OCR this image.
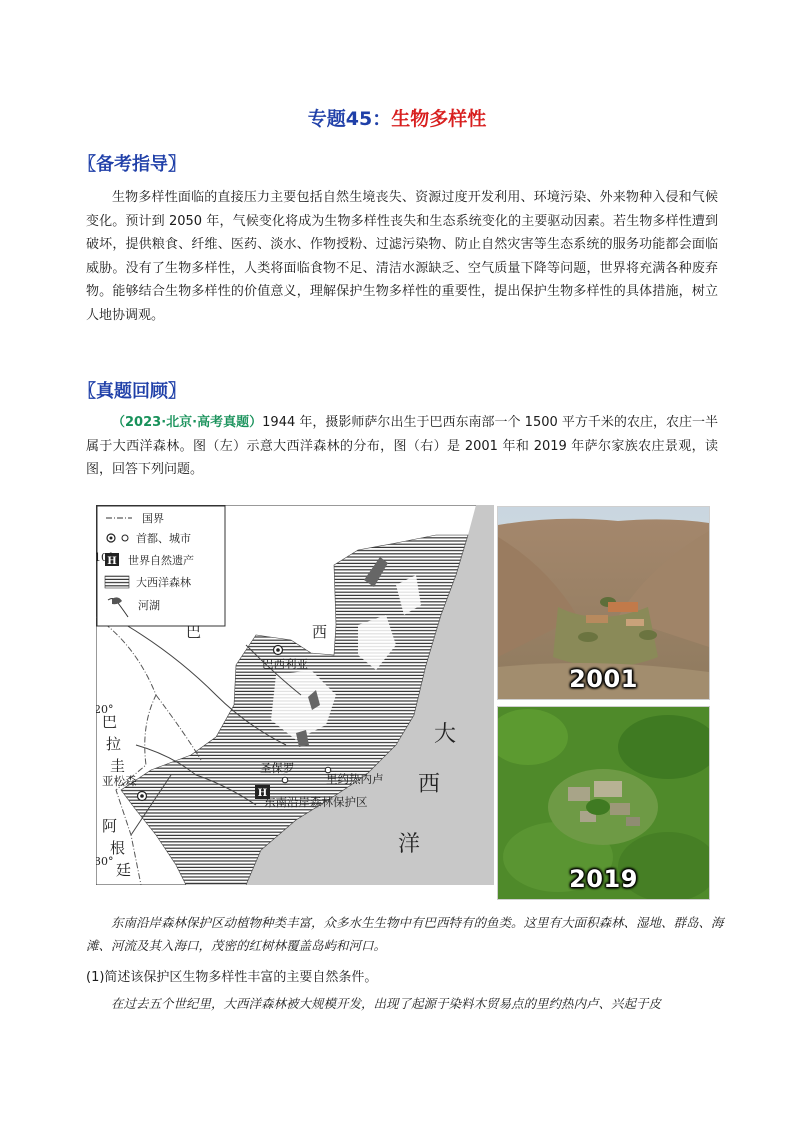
专题45：生物多样性
〖备考指导〗
生物多样性面临的直接压力主要包括自然生境丧失、资源过度开发利用、环境污染、外来物种入侵和气候变化。预计到 2050 年，气候变化将成为生物多样性丧失和生态系统变化的主要驱动因素。若生物多样性遭到破坏，提供粮食、纤维、医药、淡水、作物授粉、过滤污染物、防止自然灾害等生态系统的服务功能都会面临威胁。没有了生物多样性，人类将面临食物不足、清洁水源缺乏、空气质量下降等问题，世界将充满各种废弃物。能够结合生物多样性的价值意义，理解保护生物多样性的重要性，提出保护生物多样性的具体措施，树立人地协调观。
〖真题回顾〗
（2023·北京·高考真题）1944 年，摄影师萨尔出生于巴西东南部一个 1500 平方千米的农庄，农庄一半属于大西洋森林。图（左）示意大西洋森林的分布，图（右）是 2001 年和 2019 年萨尔家族农庄景观，读图，回答下列问题。
国界
首都、城市
H 世界自然遗产
大西洋森林
河湖
10°
20°
30°
巴	西
巴
拉
圭
阿
根
廷
大
西
洋
巴西利亚
亚松森
圣保罗
里约热内卢
H
东南沿岸森林保护区
2001
2019
东南沿岸森林保护区动植物种类丰富，众多水生生物中有巴西特有的鱼类。这里有大面积森林、湿地、群岛、海滩、河流及其入海口，茂密的红树林覆盖岛屿和河口。
(1)简述该保护区生物多样性丰富的主要自然条件。
在过去五个世纪里，大西洋森林被大规模开发，出现了起源于染料木贸易点的里约热内卢、兴起于皮
